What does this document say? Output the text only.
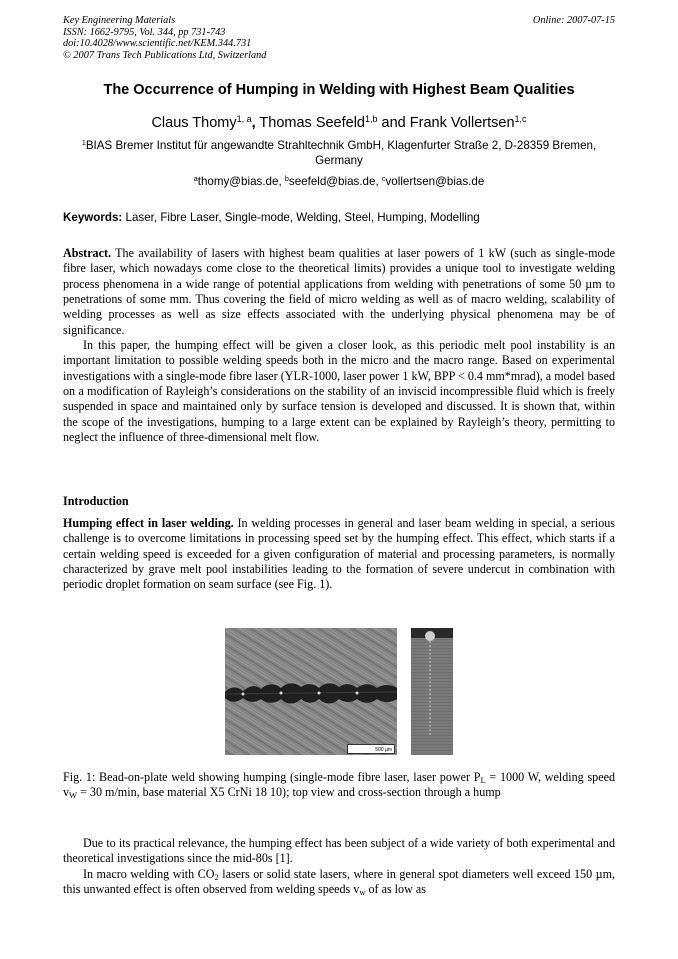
Key Engineering Materials
ISSN: 1662-9795, Vol. 344, pp 731-743
doi:10.4028/www.scientific.net/KEM.344.731
© 2007 Trans Tech Publications Ltd, Switzerland
Online: 2007-07-15
The Occurrence of Humping in Welding with Highest Beam Qualities
Claus Thomy$^{1, a}$, Thomas Seefeld$^{1,b}$ and Frank Vollertsen$^{1,c}$
$^1$BIAS Bremer Institut für angewandte Strahltechnik GmbH, Klagenfurter Straße 2, D-28359 Bremen, Germany
$^a$thomy@bias.de, $^b$seefeld@bias.de, $^c$vollertsen@bias.de
Keywords: Laser, Fibre Laser, Single-mode, Welding, Steel, Humping, Modelling

Abstract. The availability of lasers with highest beam qualities at laser powers of 1 kW (such as single-mode fibre laser, which nowadays come close to the theoretical limits) provides a unique tool to investigate welding process phenomena in a wide range of potential applications from welding with penetrations of some 50 µm to penetrations of some mm. Thus covering the field of micro welding as well as of macro welding, scalability of welding processes as well as size effects associated with the underlying physical phenomena may be of significance.

In this paper, the humping effect will be given a closer look, as this periodic melt pool instability is an important limitation to possible welding speeds both in the micro and the macro range. Based on experimental investigations with a single-mode fibre laser (YLR-1000, laser power 1 kW, BPP < 0.4 mm*mrad), a model based on a modification of Rayleigh’s considerations on the stability of an inviscid incompressible fluid which is freely suspended in space and maintained only by surface tension is developed and discussed. It is shown that, within the scope of the investigations, humping to a large extent can be explained by Rayleigh’s theory, permitting to neglect the influence of three-dimensional melt flow.

Introduction

Humping effect in laser welding. In welding processes in general and laser beam welding in special, a serious challenge is to overcome limitations in processing speed set by the humping effect. This effect, which starts if a certain welding speed is exceeded for a given configuration of material and processing parameters, is normally characterized by grave melt pool instabilities leading to the formation of severe undercut in combination with periodic droplet formation on seam surface (see Fig. 1).

500 µm
Fig. 1: Bead-on-plate weld showing humping (single-mode fibre laser, laser power $P_L = 1000$ W, welding speed $v_W = 30$ m/min, base material X5 CrNi 18 10); top view and cross-section through a hump

Due to its practical relevance, the humping effect has been subject of a wide variety of both experimental and theoretical investigations since the mid-80s [1].

In macro welding with $CO_2$ lasers or solid state lasers, where in general spot diameters well exceed 150 µm, this unwanted effect is often observed from welding speeds $v_w$ of as low as
